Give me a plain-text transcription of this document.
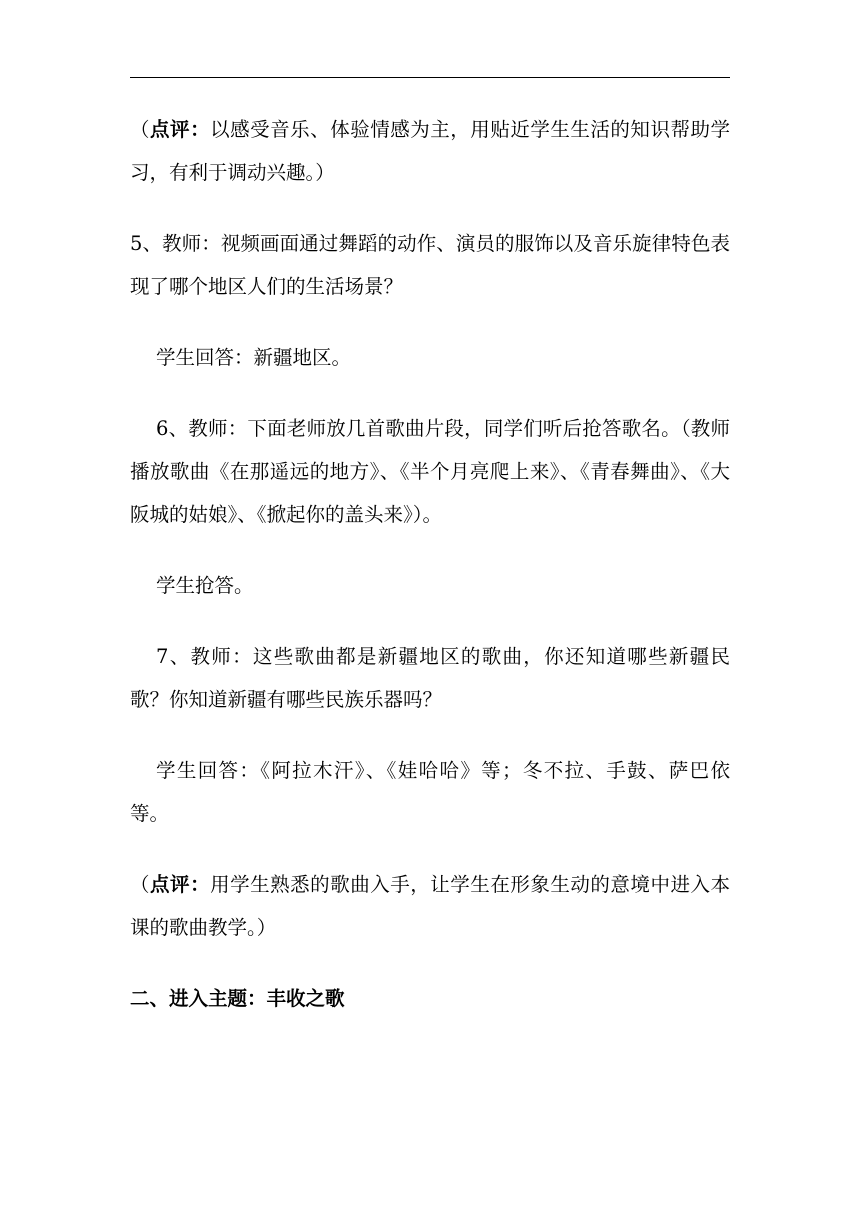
（点评：以感受音乐、体验情感为主，用贴近学生生活的知识帮助学习，有利于调动兴趣。）

5、教师：视频画面通过舞蹈的动作、演员的服饰以及音乐旋律特色表现了哪个地区人们的生活场景？

学生回答：新疆地区。

6、教师：下面老师放几首歌曲片段，同学们听后抢答歌名。（教师播放歌曲《在那遥远的地方》、《半个月亮爬上来》、《青春舞曲》、《大阪城的姑娘》、《掀起你的盖头来》）。

学生抢答。

7、教师：这些歌曲都是新疆地区的歌曲，你还知道哪些新疆民歌？你知道新疆有哪些民族乐器吗？

学生回答：《阿拉木汗》、《娃哈哈》等；冬不拉、手鼓、萨巴依等。

（点评：用学生熟悉的歌曲入手，让学生在形象生动的意境中进入本课的歌曲教学。）

二、进入主题：丰收之歌
